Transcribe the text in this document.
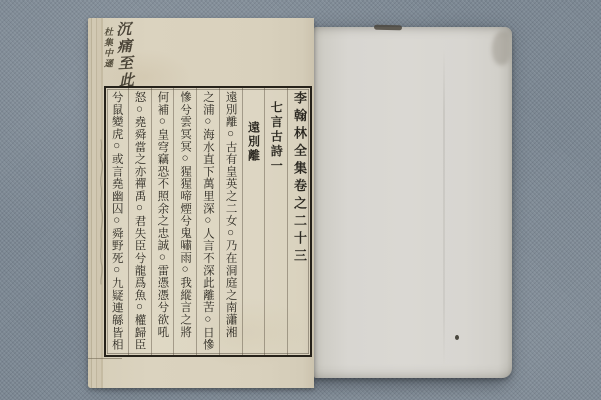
沉痛至此
杜集中遜
李翰林全集卷之二十三
七言古詩一
遠別離
遠別離○古有皇英之二女○乃在洞庭之南瀟湘
之浦○海水直下萬里深○人言不深此離苦○日慘
慘兮雲冥冥○猩猩啼煙兮鬼嘯雨○我縱言之將
何補○皇穹竊恐不照余之忠誠○雷憑憑兮欲吼
怒○堯舜當之亦禪禹○君失臣兮龍爲魚○權歸臣
兮鼠變虎○或言堯幽囚○舜野死○九疑連緜皆相
